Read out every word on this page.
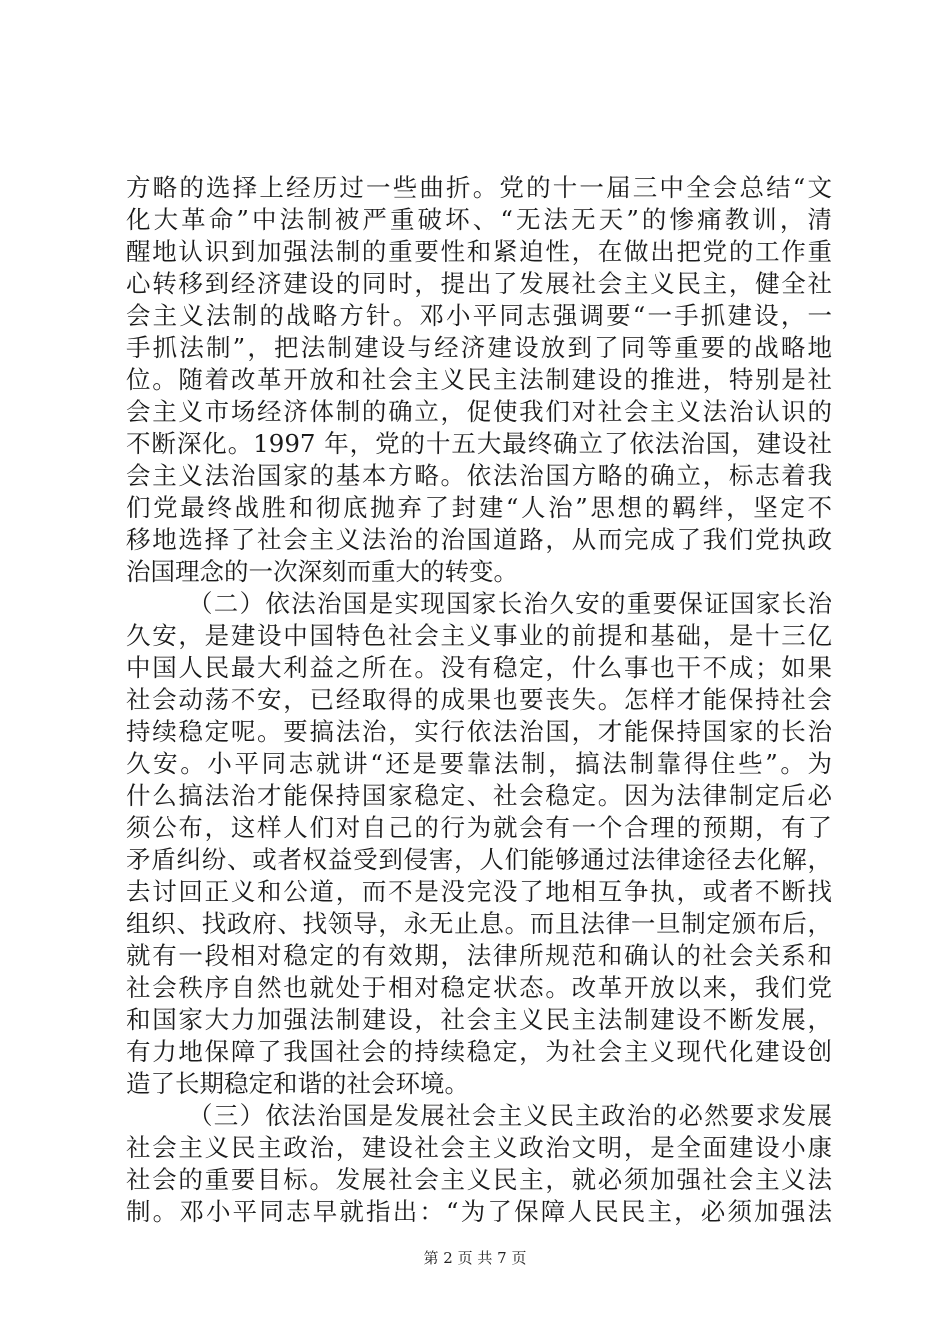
方略的选择上经历过一些曲折。党的十一届三中全会总结“文
化大革命”中法制被严重破坏、“无法无天”的惨痛教训，清
醒地认识到加强法制的重要性和紧迫性，在做出把党的工作重
心转移到经济建设的同时，提出了发展社会主义民主，健全社
会主义法制的战略方针。邓小平同志强调要“一手抓建设，一
手抓法制”，把法制建设与经济建设放到了同等重要的战略地
位。随着改革开放和社会主义民主法制建设的推进，特别是社
会主义市场经济体制的确立，促使我们对社会主义法治认识的
不断深化。1997 年，党的十五大最终确立了依法治国，建设社
会主义法治国家的基本方略。依法治国方略的确立，标志着我
们党最终战胜和彻底抛弃了封建“人治”思想的羁绊，坚定不
移地选择了社会主义法治的治国道路，从而完成了我们党执政
治国理念的一次深刻而重大的转变。
（二）依法治国是实现国家长治久安的重要保证国家长治
久安，是建设中国特色社会主义事业的前提和基础，是十三亿
中国人民最大利益之所在。没有稳定，什么事也干不成；如果
社会动荡不安，已经取得的成果也要丧失。怎样才能保持社会
持续稳定呢。要搞法治，实行依法治国，才能保持国家的长治
久安。小平同志就讲“还是要靠法制，搞法制靠得住些”。为
什么搞法治才能保持国家稳定、社会稳定。因为法律制定后必
须公布，这样人们对自己的行为就会有一个合理的预期，有了
矛盾纠纷、或者权益受到侵害，人们能够通过法律途径去化解，
去讨回正义和公道，而不是没完没了地相互争执，或者不断找
组织、找政府、找领导，永无止息。而且法律一旦制定颁布后，
就有一段相对稳定的有效期，法律所规范和确认的社会关系和
社会秩序自然也就处于相对稳定状态。改革开放以来，我们党
和国家大力加强法制建设，社会主义民主法制建设不断发展，
有力地保障了我国社会的持续稳定，为社会主义现代化建设创
造了长期稳定和谐的社会环境。
（三）依法治国是发展社会主义民主政治的必然要求发展
社会主义民主政治，建设社会主义政治文明，是全面建设小康
社会的重要目标。发展社会主义民主，就必须加强社会主义法
制。邓小平同志早就指出：“为了保障人民民主，必须加强法
第 2 页 共 7 页
